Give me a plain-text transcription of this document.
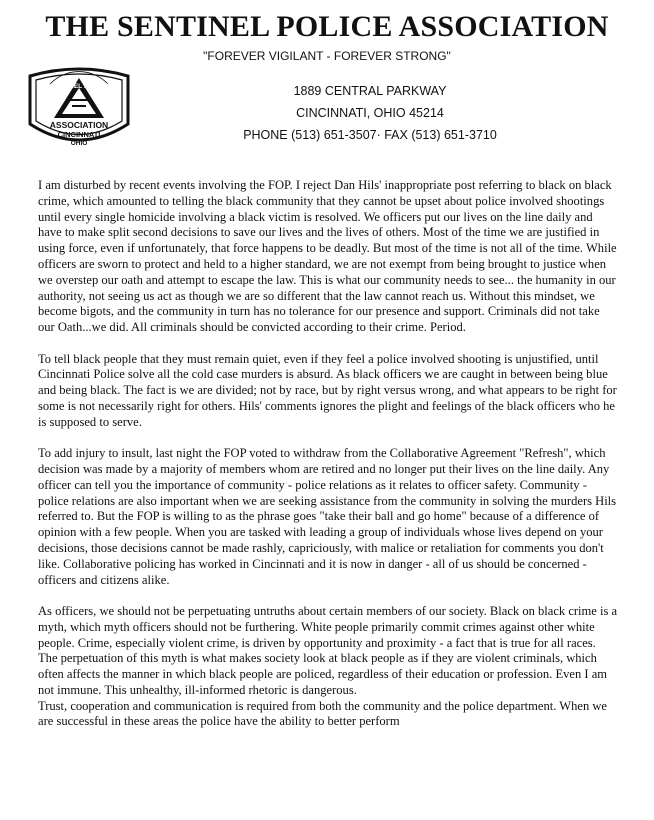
THE SENTINEL POLICE ASSOCIATION
"FOREVER VIGILANT - FOREVER STRONG"
SENTINEL POLICE
ASSOCIATION
CINCINNATI
OHIO
1889 CENTRAL PARKWAY
CINCINNATI, OHIO 45214
PHONE (513) 651-3507· FAX (513) 651-3710

I am disturbed by recent events involving the FOP. I reject Dan Hils' inappropriate post referring to black on black crime, which amounted to telling the black community that they cannot be upset about police involved shootings until every single homicide involving a black victim is resolved. We officers put our lives on the line daily and have to make split second decisions to save our lives and the lives of others. Most of the time we are justified in using force, even if unfortunately, that force happens to be deadly. But most of the time is not all of the time. While officers are sworn to protect and held to a higher standard, we are not exempt from being brought to justice when we overstep our oath and attempt to escape the law. This is what our community needs to see... the humanity in our authority, not seeing us act as though we are so different that the law cannot reach us. Without this mindset, we become bigots, and the community in turn has no tolerance for our presence and support. Criminals did not take our Oath...we did. All criminals should be convicted according to their crime. Period.

To tell black people that they must remain quiet, even if they feel a police involved shooting is unjustified, until Cincinnati Police solve all the cold case murders is absurd. As black officers we are caught in between being blue and being black. The fact is we are divided; not by race, but by right versus wrong, and what appears to be right for some is not necessarily right for others. Hils' comments ignores the plight and feelings of the black officers who he is supposed to serve.

To add injury to insult, last night the FOP voted to withdraw from the Collaborative Agreement "Refresh", which decision was made by a majority of members whom are retired and no longer put their lives on the line daily. Any officer can tell you the importance of community - police relations as it relates to officer safety. Community - police relations are also important when we are seeking assistance from the community in solving the murders Hils referred to. But the FOP is willing to as the phrase goes "take their ball and go home" because of a difference of opinion with a few people. When you are tasked with leading a group of individuals whose lives depend on your decisions, those decisions cannot be made rashly, capriciously, with malice or retaliation for comments you don't like. Collaborative policing has worked in Cincinnati and it is now in danger - all of us should be concerned - officers and citizens alike.

As officers, we should not be perpetuating untruths about certain members of our society. Black on black crime is a myth, which myth officers should not be furthering. White people primarily commit crimes against other white people. Crime, especially violent crime, is driven by opportunity and proximity - a fact that is true for all races. The perpetuation of this myth is what makes society look at black people as if they are violent criminals, which often affects the manner in which black people are policed, regardless of their education or profession. Even I am not immune. This unhealthy, ill-informed rhetoric is dangerous.

Trust, cooperation and communication is required from both the community and the police department. When we are successful in these areas the police have the ability to better perform
